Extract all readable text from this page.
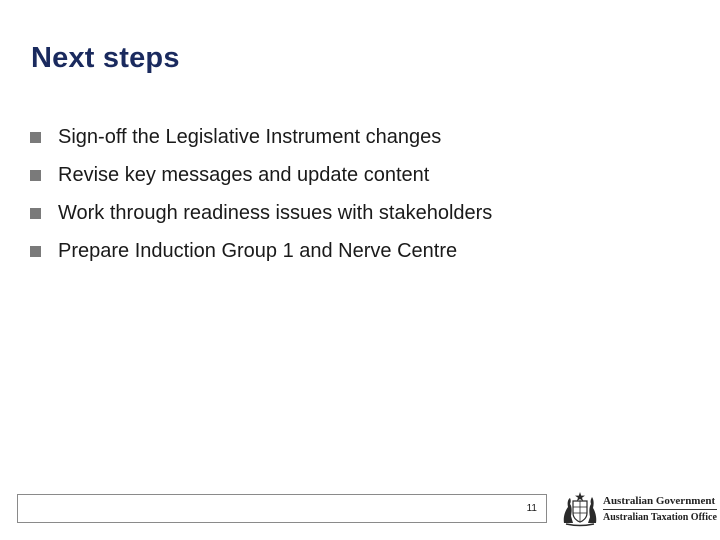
Next steps
Sign-off the Legislative Instrument changes
Revise key messages and update content
Work through readiness issues with stakeholders
Prepare Induction Group 1 and Nerve Centre
11
Australian Government
Australian Taxation Office
